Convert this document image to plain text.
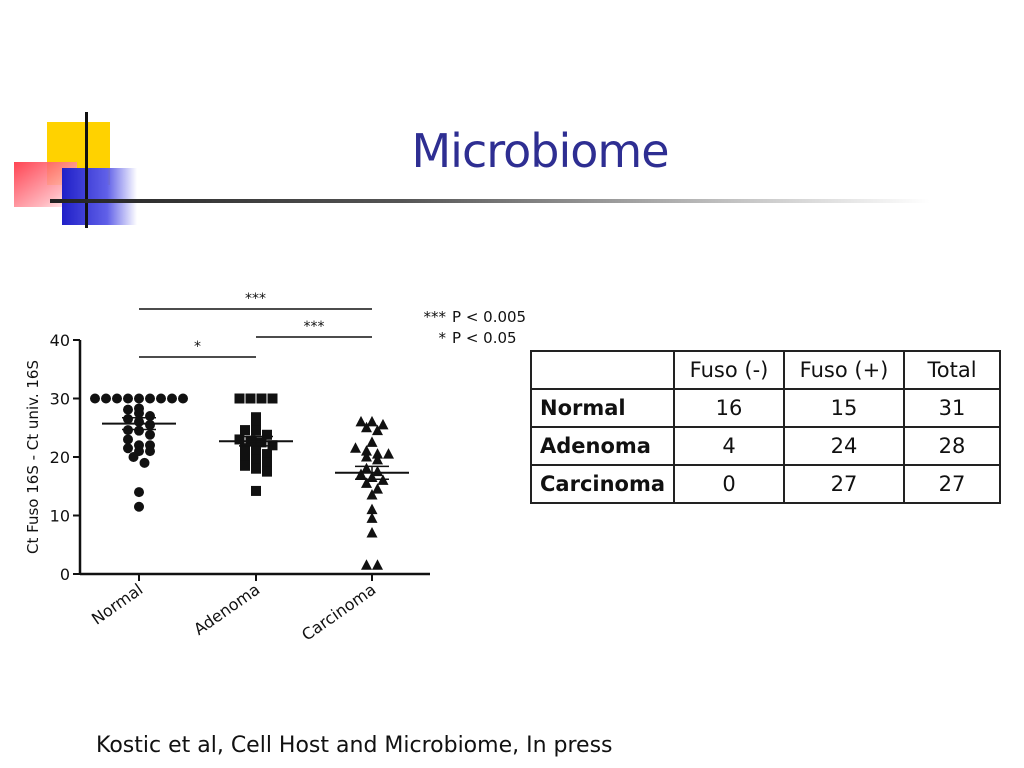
Microbiome
0
10
20
30
40
Ct Fuso 16S - Ct univ. 16S
Normal	Adenoma Carcinoma
***
***
*
*** P < 0.005
* P < 0.05
	Fuso (-)	Fuso (+)	Total
Normal	16	15	31
Adenoma	4	24	28
Carcinoma	0	27	27

Kostic et al, Cell Host and Microbiome, In press
